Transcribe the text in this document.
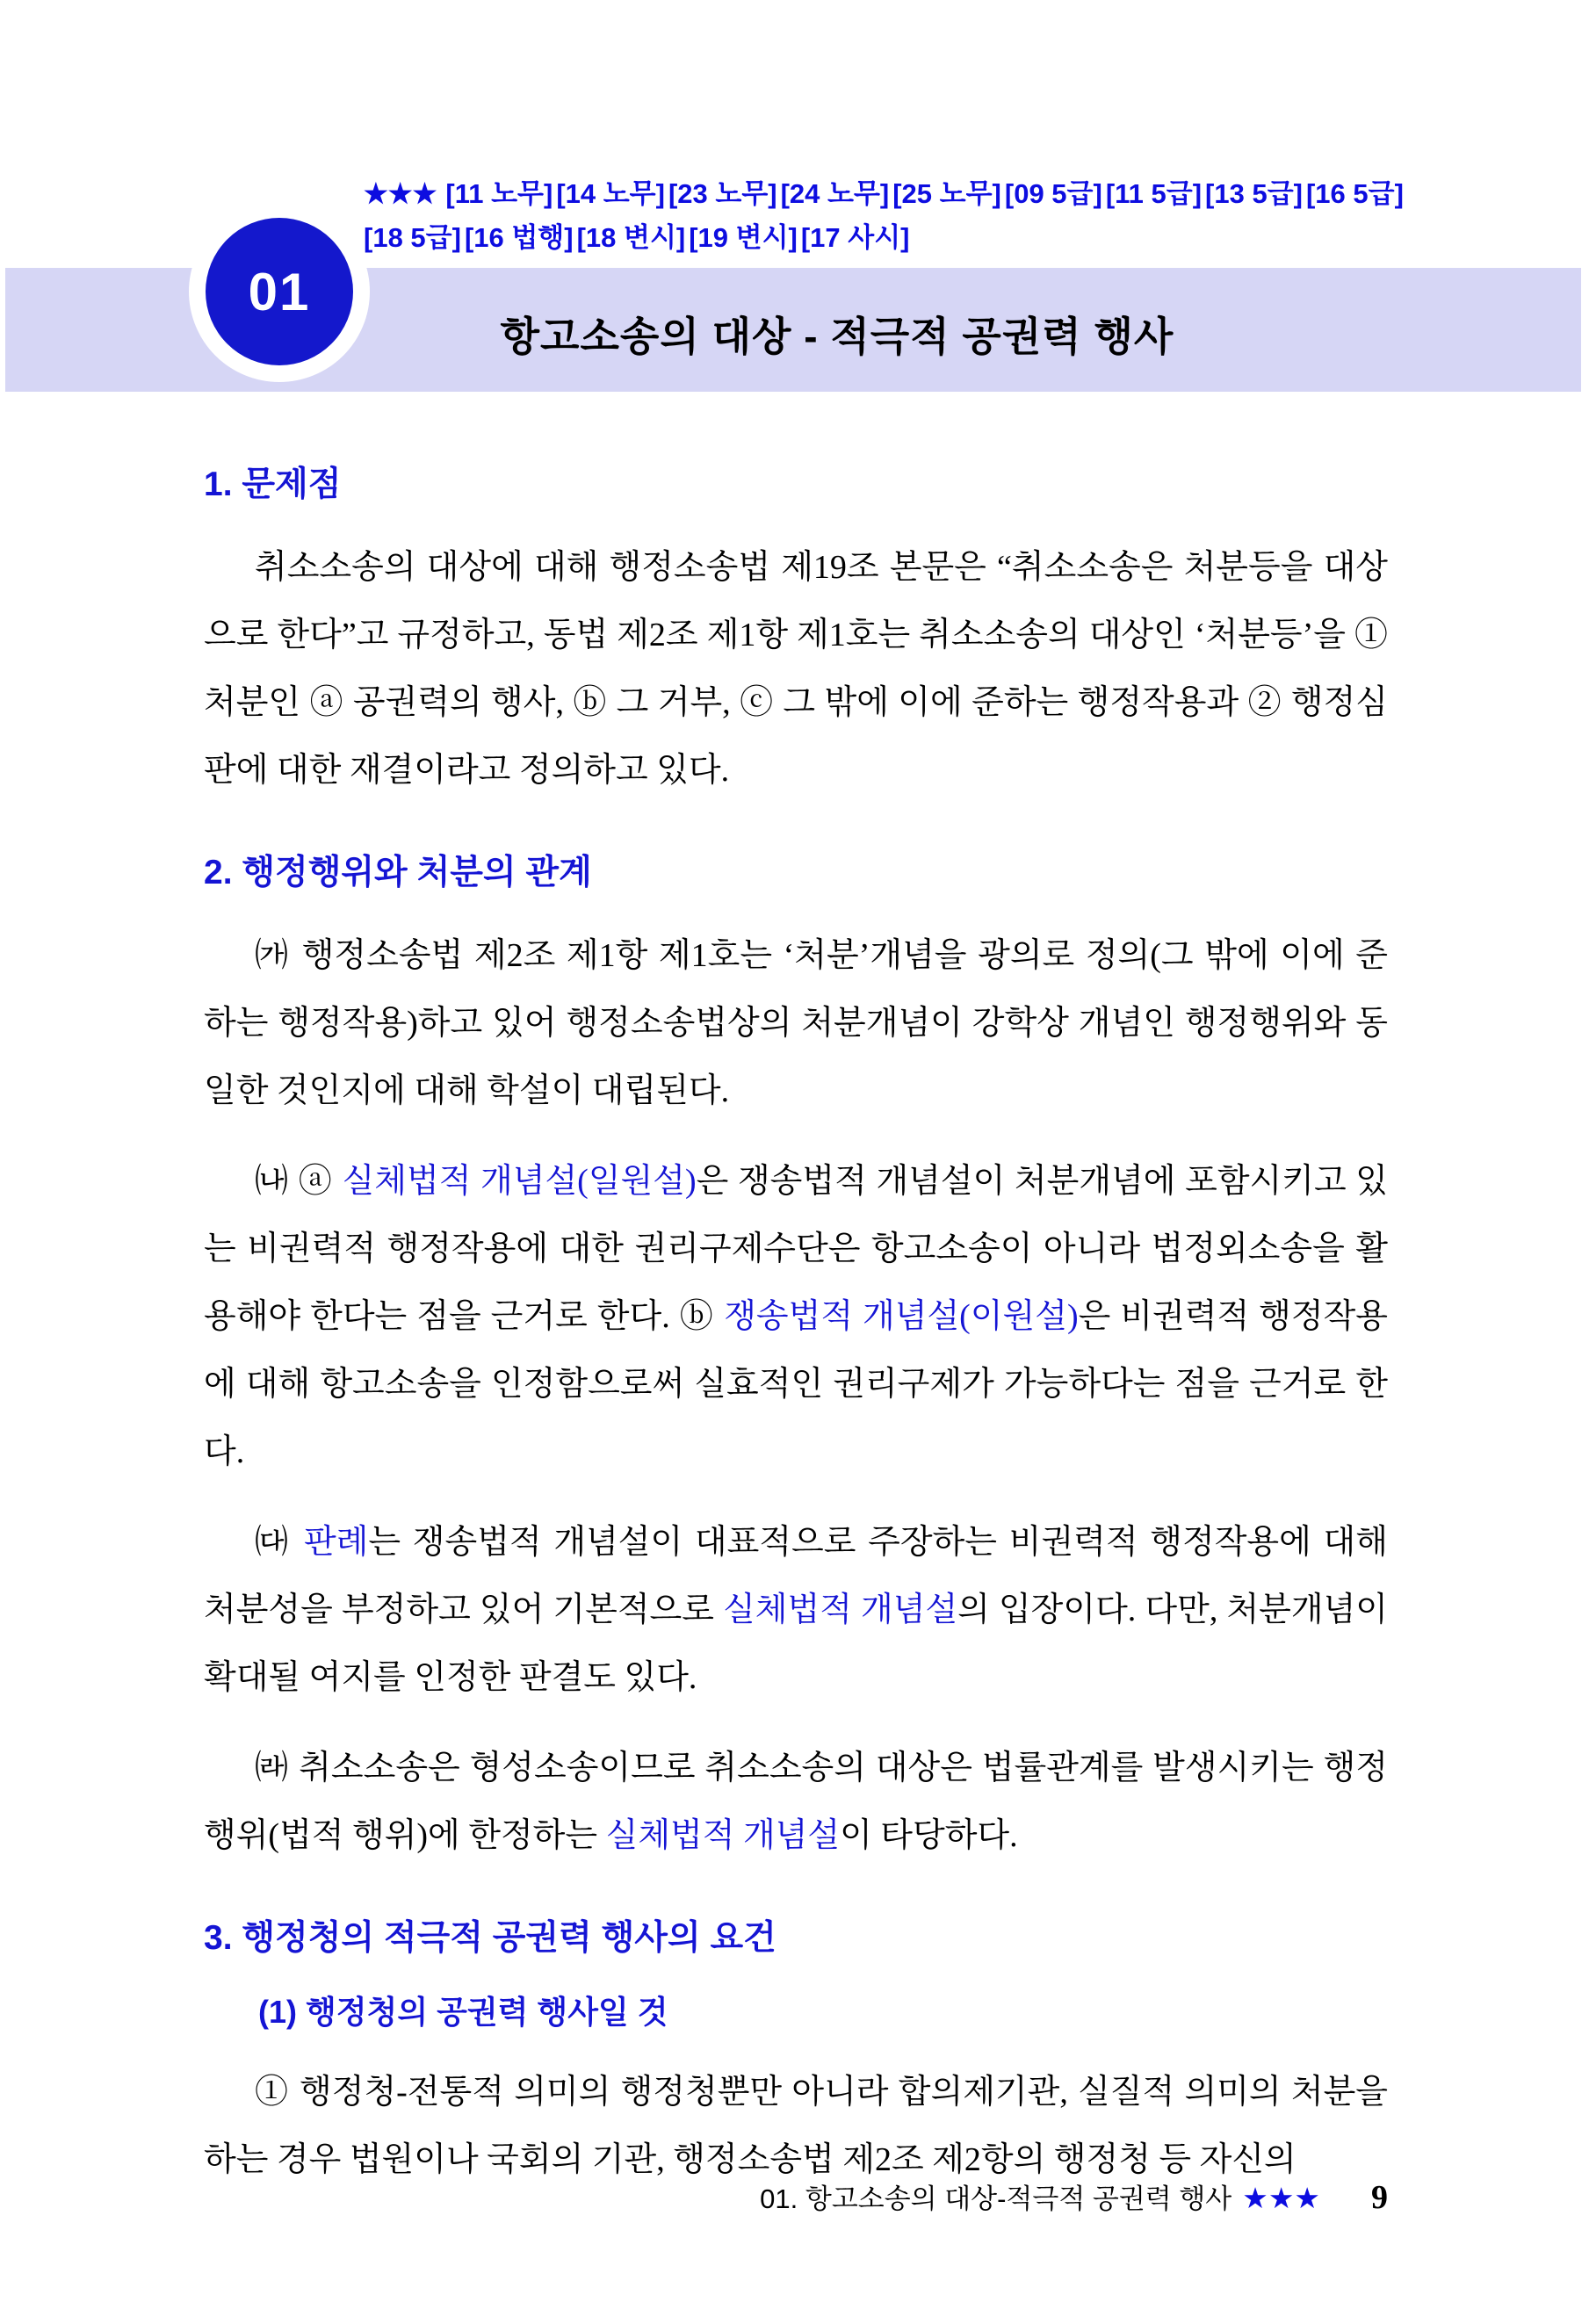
★★★ [11 노무] [14 노무] [23 노무] [24 노무] [25 노무] [09 5급] [11 5급] [13 5급] [16 5급]
[18 5급] [16 법행] [18 변시] [19 변시] [17 사시]
항고소송의 대상 - 적극적 공권력 행사
01
1. 문제점

취소소송의 대상에 대해 행정소송법 제19조 본문은 “취소소송은 처분등을 대상으로 한다”고 규정하고, 동법 제2조 제1항 제1호는 취소소송의 대상인 ‘처분등’을 ① 처분인 ⓐ 공권력의 행사, ⓑ 그 거부, ⓒ 그 밖에 이에 준하는 행정작용과 ② 행정심판에 대한 재결이라고 정의하고 있다.

2. 행정행위와 처분의 관계

㈎ 행정소송법 제2조 제1항 제1호는 ‘처분’개념을 광의로 정의(그 밖에 이에 준하는 행정작용)하고 있어 행정소송법상의 처분개념이 강학상 개념인 행정행위와 동일한 것인지에 대해 학설이 대립된다.

㈏ ⓐ 실체법적 개념설(일원설)은 쟁송법적 개념설이 처분개념에 포함시키고 있는 비권력적 행정작용에 대한 권리구제수단은 항고소송이 아니라 법정외소송을 활용해야 한다는 점을 근거로 한다. ⓑ 쟁송법적 개념설(이원설)은 비권력적 행정작용에 대해 항고소송을 인정함으로써 실효적인 권리구제가 가능하다는 점을 근거로 한다.

㈐ 판례는 쟁송법적 개념설이 대표적으로 주장하는 비권력적 행정작용에 대해 처분성을 부정하고 있어 기본적으로 실체법적 개념설의 입장이다. 다만, 처분개념이 확대될 여지를 인정한 판결도 있다.

㈑ 취소소송은 형성소송이므로 취소소송의 대상은 법률관계를 발생시키는 행정행위(법적 행위)에 한정하는 실체법적 개념설이 타당하다.

3. 행정청의 적극적 공권력 행사의 요건
(1) 행정청의 공권력 행사일 것

① 행정청-전통적 의미의 행정청뿐만 아니라 합의제기관, 실질적 의미의 처분을 하는 경우 법원이나 국회의 기관, 행정소송법 제2조 제2항의 행정청 등 자신의

01. 항고소송의 대상-적극적 공권력 행사 ★★★ 9
